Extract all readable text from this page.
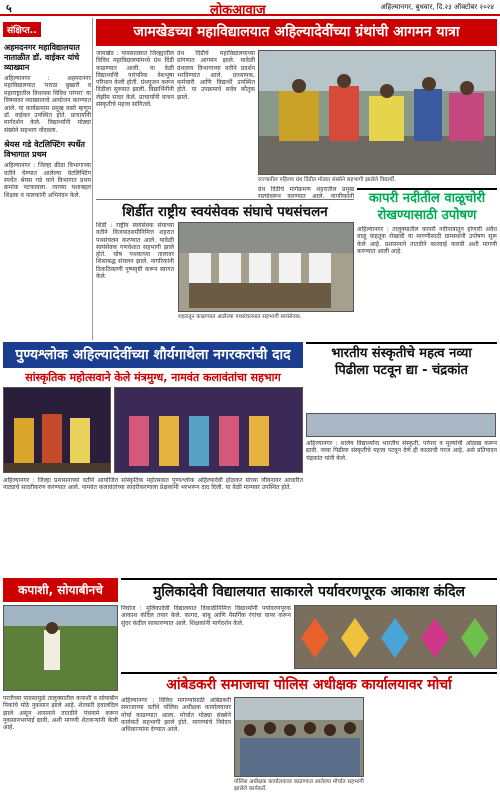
५	लोकआवाज	अहिल्यानगर, बुधवार, दि.२३ ऑक्टोबर २०२४
संक्षिप्त..
अहमदनगर महाविद्यालयात नाताळीत डॉ. वाईकर यांचे व्याख्यान
अहिल्यानगर : अहमदनगर महाविद्यालयात 'मराठा बुखारी व महाराष्ट्रातील विधायक विविध परंपरा' या विषयावर व्याख्यानाचे आयोजन करण्यात आले. या कार्यक्रमास प्रमुख वक्ते म्हणून डॉ. वाईकर उपस्थित होते. प्राचार्यांनी मार्गदर्शन केले. विद्यार्थ्यांनी मोठ्या संख्येने सहभाग नोंदवला.
श्रेयस गडे वेटलिफ्टिंग स्पर्धेत विभागात प्रथम
अहिल्यानगर : जिल्हा क्रीडा विभागाच्या वतीने घेण्यात आलेल्या वेटलिफ्टिंग स्पर्धेत श्रेयस गडे याने विभागात प्रथम क्रमांक पटकावला. त्याच्या यशाबद्दल शिक्षक व पालकांनी अभिनंदन केले.
जामखेडच्या महाविद्यालयात अहिल्यादेवींच्या ग्रंथांची आगमन यात्रा
जामखेड : पावसाळ्यात जिल्ह्यातील विविध महाविद्यालयांमध्ये ग्रंथ दिंडी काढण्यात आली. या वेळी विद्यार्थ्यांनी पारंपरिक वेशभूषा परिधान केली होती. ग्रंथपूजन करून दिंडीला सुरुवात झाली. विद्यार्थिनींनी लेझीम सादर केले. प्राचार्यांनी वाचन संस्कृतीचे महत्त्व सांगितले.
ग्रंथ दिंडीचे महाविद्यालयाच्या प्रांगणात आगमन झाले. यावेळी ग्रंथालय विभागाच्या वतीने प्रदर्शन भरविण्यात आले. प्राध्यापक, कर्मचारी आणि विद्यार्थी उपस्थित होते. या उपक्रमाचे सर्वत्र कौतुक झाले.
राज्यातील पहिल्या ग्रंथ दिंडीत मोठ्या संख्येने सहभागी झालेले विद्यार्थी.
ग्रंथ दिंडीचे मार्गक्रमण शहरातील प्रमुख रस्त्यांवरून करण्यात आले. नागरिकांनी
शिर्डीत राष्ट्रीय स्वयंसेवक संघाचे पथसंचलन
शिर्डी : राष्ट्रीय स्वयंसेवक संघाच्या वतीने विजयादशमीनिमित्त शहरात पथसंचलन करण्यात आले. यावेळी स्वयंसेवक गणवेशात सहभागी झाले होते. घोष पथकाच्या तालावर शिस्तबद्ध संचलन झाले. नागरिकांनी ठिकठिकाणी पुष्पवृष्टी करून स्वागत केले.
शहरातून काढण्यात आलेल्या पथसंचलनात सहभागी स्वयंसेवक.
कापरी नदीतील वाळूचोरी
रोखण्यासाठी उपोषण
अहिल्यानगर : तालुक्यातील कापरी नदीपात्रातून होणारी अवैध वाळू वाहतूक रोखावी या मागणीसाठी ग्रामस्थांनी उपोषण सुरू केले आहे. प्रशासनाने तातडीने कारवाई करावी अशी मागणी करण्यात आली आहे.
पुण्यश्लोक अहिल्यादेवींच्या शौर्यगाथेला नगरकरांची दाद
सांस्कृतिक महोत्सवाने केले मंत्रमुग्ध, नामवंत कलावंतांचा सहभाग
अहिल्यानगर : जिल्हा प्रशासनाच्या वतीने आयोजित सांस्कृतिक महोत्सवात पुण्यश्लोक अहिल्यादेवी होळकर यांच्या जीवनावर आधारित नाट्याचे सादरीकरण करण्यात आले. नामवंत कलावंतांच्या सादरीकरणाला प्रेक्षकांनी भरभरून दाद दिली. या वेळी मान्यवर उपस्थित होते.
भारतीय संस्कृतीचे महत्व नव्या
पिढीला पटवून द्या - चंद्रकांत
अहिल्यानगर : शालेय विद्यार्थ्यांना भारतीय संस्कृती, परंपरा व मूल्यांची ओळख करून द्यावी. नव्या पिढीला संस्कृतीचे महत्त्व पटवून देणे ही काळाची गरज आहे, असे प्रतिपादन चंद्रकांत यांनी केले.
कपाशी, सोयाबीनचे
परतीच्या पावसामुळे तालुक्यातील कपाशी व सोयाबीन पिकांचे मोठे नुकसान झाले आहे. शेतकरी हवालदिल झाले असून शासनाने तातडीने पंचनामे करून नुकसानभरपाई द्यावी, अशी मागणी शेतकऱ्यांनी केली आहे.
मुलिकादेवी विद्यालयात साकारले पर्यावरणपूरक आकाश कंदिल
निघोज : मुलिकादेवी विद्यालयात दिवाळीनिमित्त विद्यार्थ्यांनी पर्यावरणपूरक आकाश कंदिल तयार केले. कागद, बांबू आणि नैसर्गिक रंगांचा वापर करून सुंदर कंदील साकारण्यात आले. शिक्षकांनी मार्गदर्शन केले.
आंबेडकरी समाजाचा पोलिस अधीक्षक कार्यालयावर मोर्चा
अहिल्यानगर : विविध मागण्यांसाठी आंबेडकरी समाजाच्या वतीने पोलिस अधीक्षक कार्यालयावर मोर्चा काढण्यात आला. मोर्चात मोठ्या संख्येने कार्यकर्ते सहभागी झाले होते. मागण्यांचे निवेदन अधिकाऱ्यांना देण्यात आले.
पोलिस अधीक्षक कार्यालयावर काढण्यात आलेल्या मोर्चात सहभागी झालेले कार्यकर्ते.
